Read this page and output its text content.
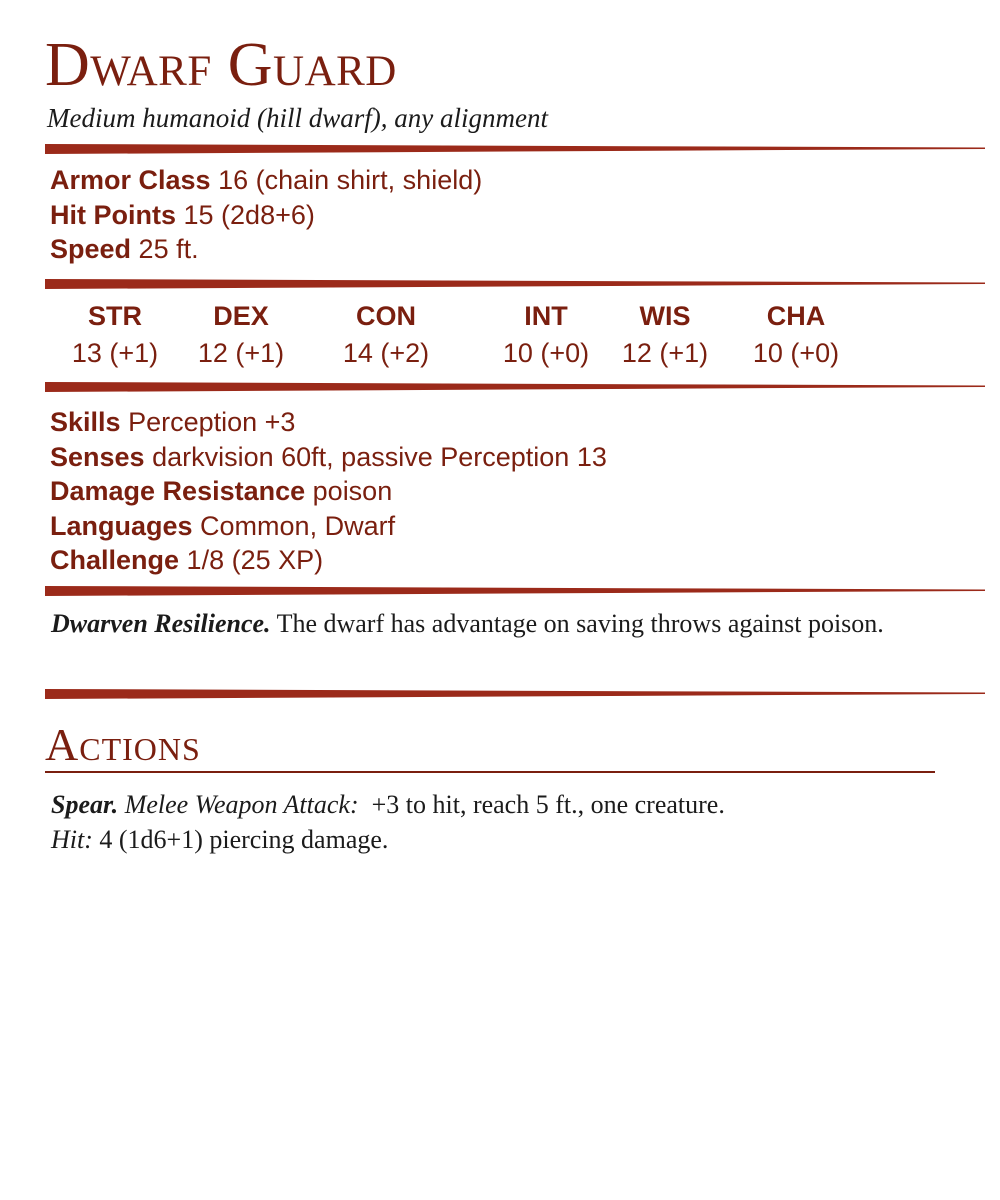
Dwarf Guard
Medium humanoid (hill dwarf), any alignment
Armor Class 16 (chain shirt, shield)
Hit Points 15 (2d8+6)
Speed 25 ft.
STR
13 (+1)
DEX
12 (+1)
CON
14 (+2)
INT
10 (+0)
WIS
12 (+1)
CHA
10 (+0)
Skills Perception +3
Senses darkvision 60ft, passive Perception 13
Damage Resistance poison
Languages Common, Dwarf
Challenge 1/8 (25 XP)
Dwarven Resilience. The dwarf has advantage on saving throws against poison.
Actions
Spear. Melee Weapon Attack: +3 to hit, reach 5 ft., one creature.
Hit: 4 (1d6+1) piercing damage.
